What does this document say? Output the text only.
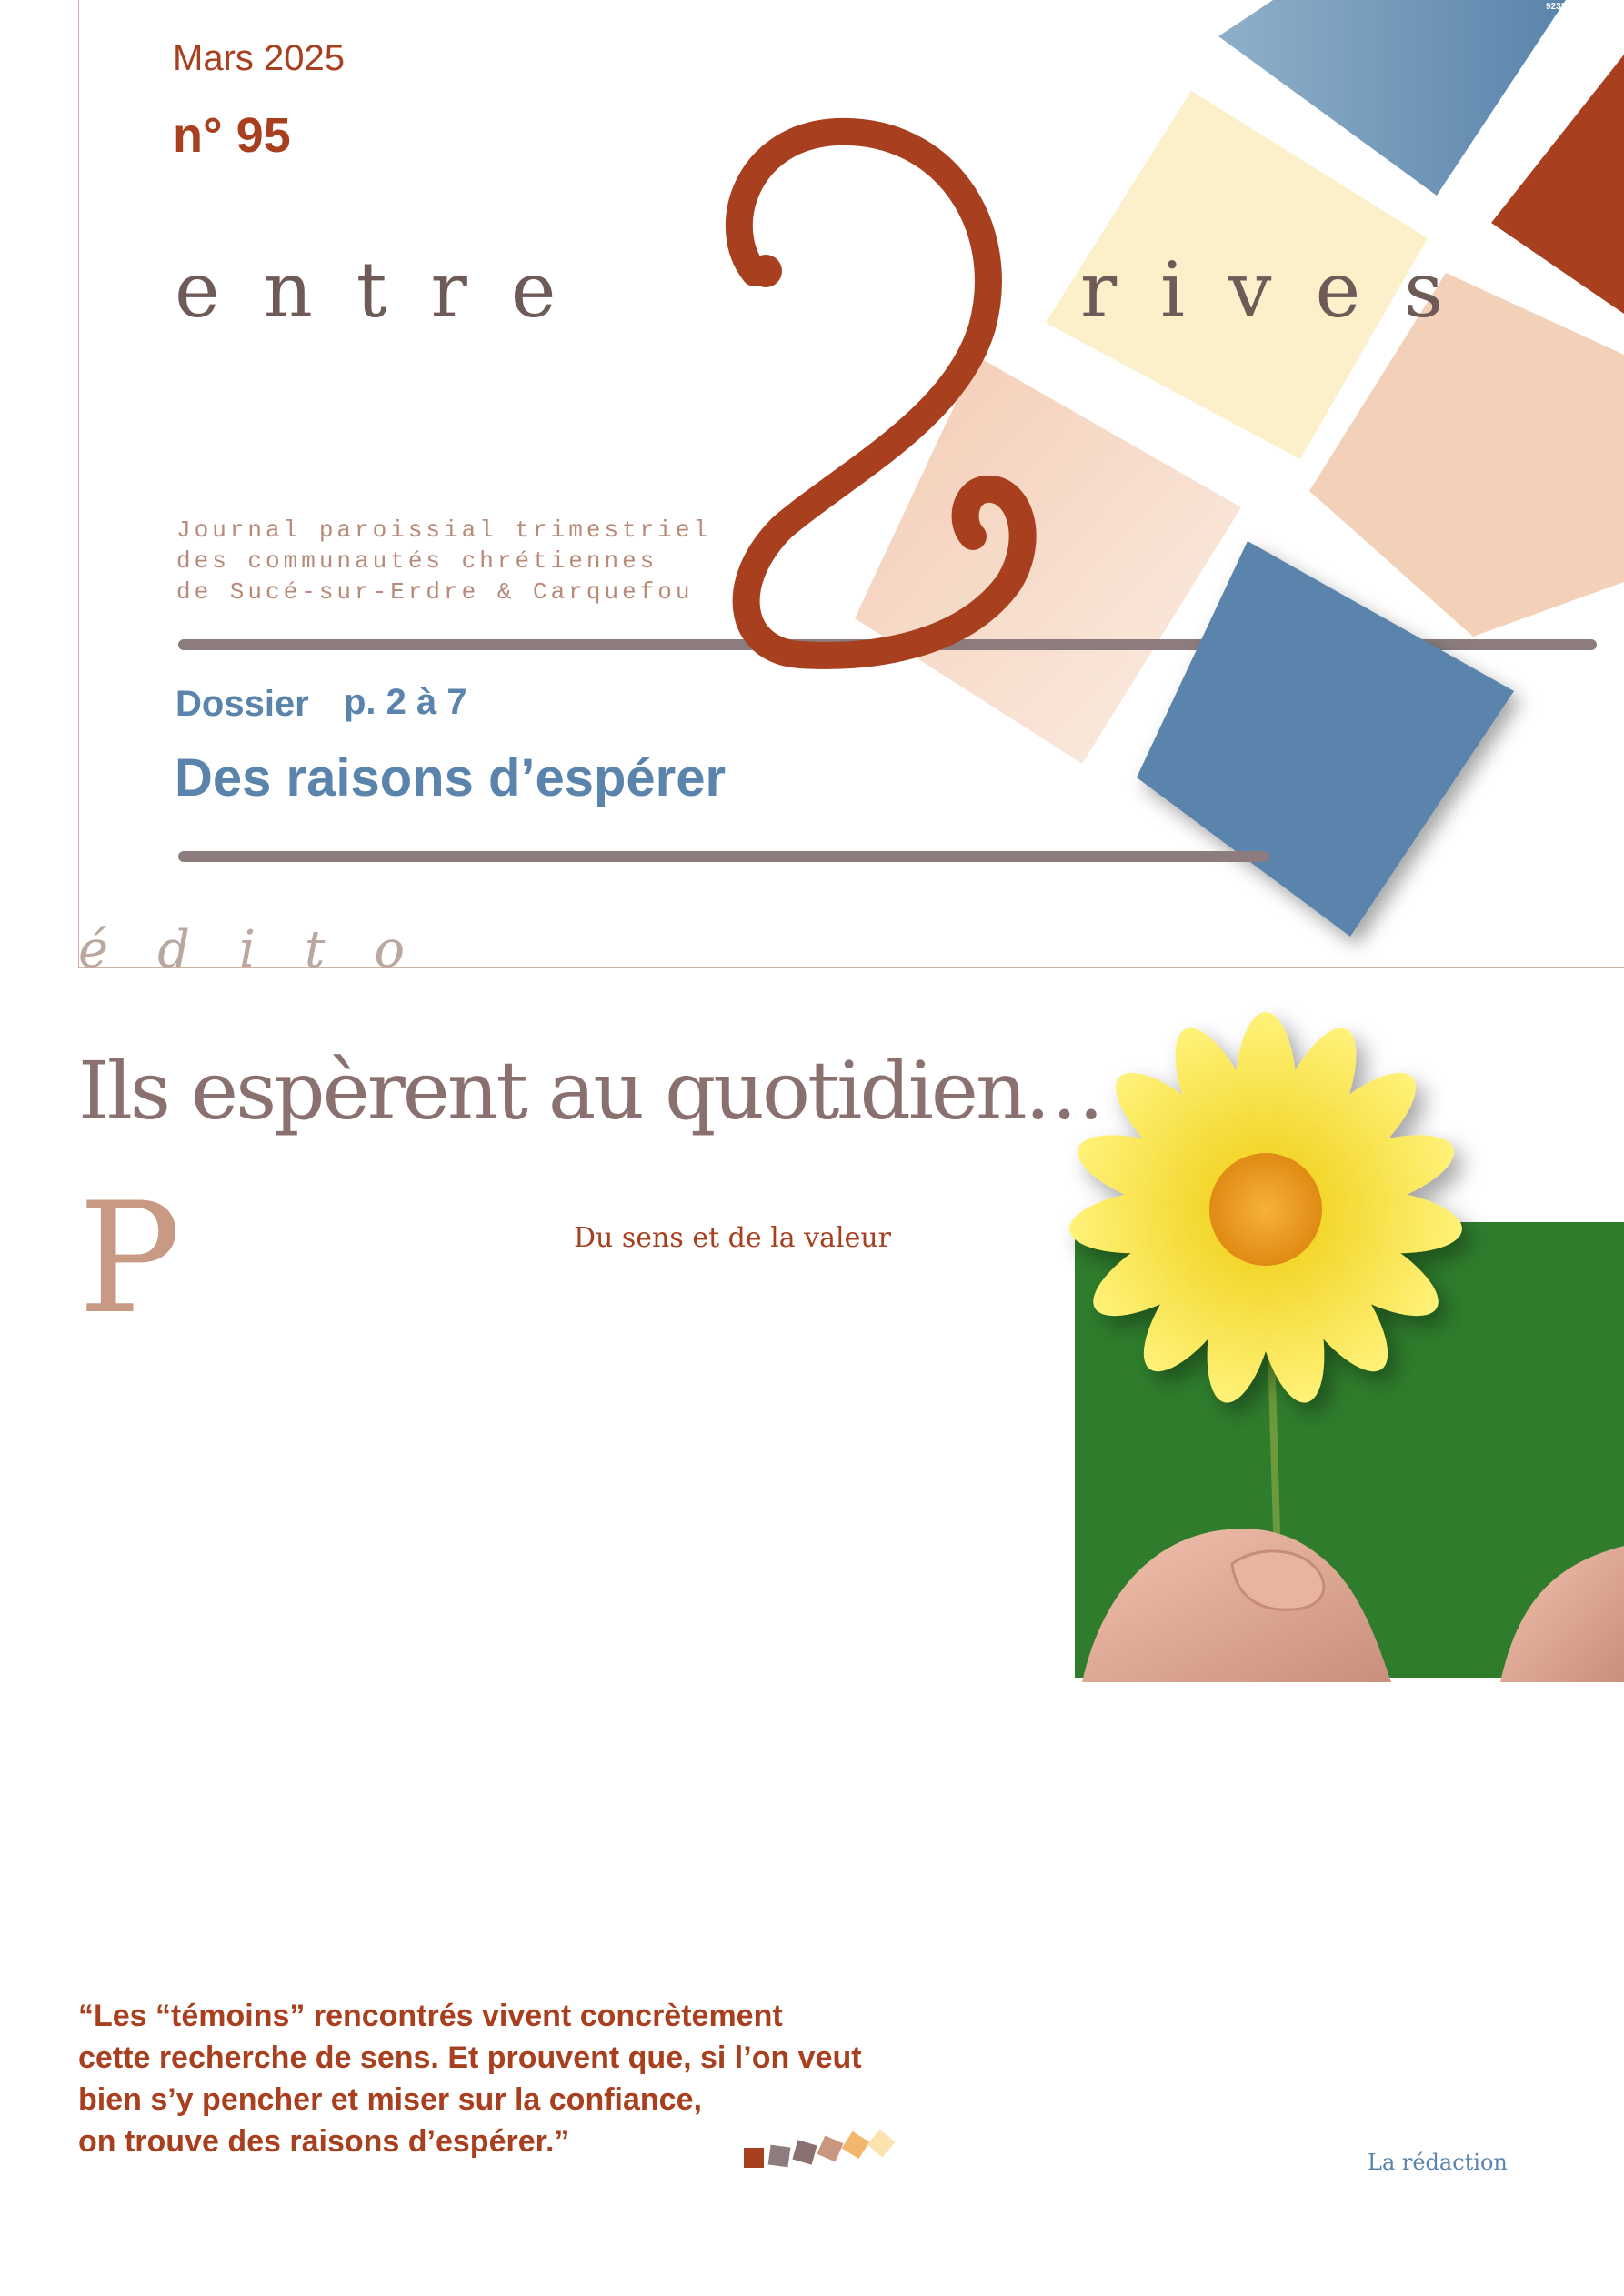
9232
Mars 2025
n° 95
entre	rives
Journal paroissial trimestriel
des communautés chrétiennes
de Sucé-sur-Erdre & Carquefou
Dossier p. 2 à 7
Des raisons d’espérer
édito
Ils espèrent au quotidien…
P	Du sens et de la valeur

“Les “témoins” rencontrés vivent concrètement
cette recherche de sens. Et prouvent que, si l’on veut
bien s’y pencher et miser sur la confiance,
on trouve des raisons d’espérer.”
La rédaction
